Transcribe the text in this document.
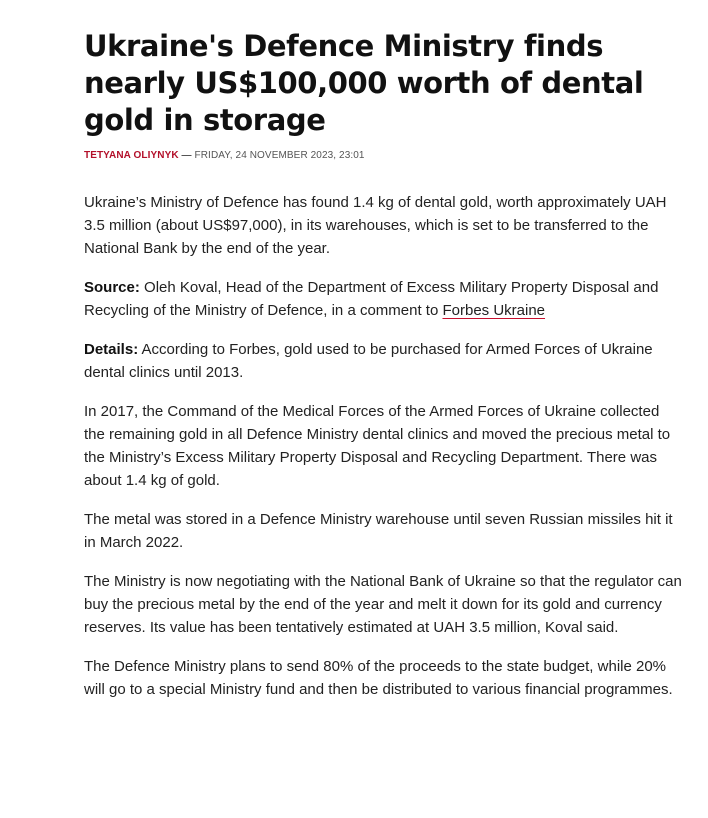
Ukraine's Defence Ministry finds nearly US$100,000 worth of dental gold in storage
TETYANA OLIYNYK — FRIDAY, 24 NOVEMBER 2023, 23:01

Ukraine’s Ministry of Defence has found 1.4 kg of dental gold, worth approximately UAH 3.5 million (about US$97,000), in its warehouses, which is set to be transferred to the National Bank by the end of the year.

Source: Oleh Koval, Head of the Department of Excess Military Property Disposal and Recycling of the Ministry of Defence, in a comment to Forbes Ukraine

Details: According to Forbes, gold used to be purchased for Armed Forces of Ukraine dental clinics until 2013.

In 2017, the Command of the Medical Forces of the Armed Forces of Ukraine collected the remaining gold in all Defence Ministry dental clinics and moved the precious metal to the Ministry’s Excess Military Property Disposal and Recycling Department. There was about 1.4 kg of gold.

The metal was stored in a Defence Ministry warehouse until seven Russian missiles hit it in March 2022.

The Ministry is now negotiating with the National Bank of Ukraine so that the regulator can buy the precious metal by the end of the year and melt it down for its gold and currency reserves. Its value has been tentatively estimated at UAH 3.5 million, Koval said.

The Defence Ministry plans to send 80% of the proceeds to the state budget, while 20% will go to a special Ministry fund and then be distributed to various financial programmes.
